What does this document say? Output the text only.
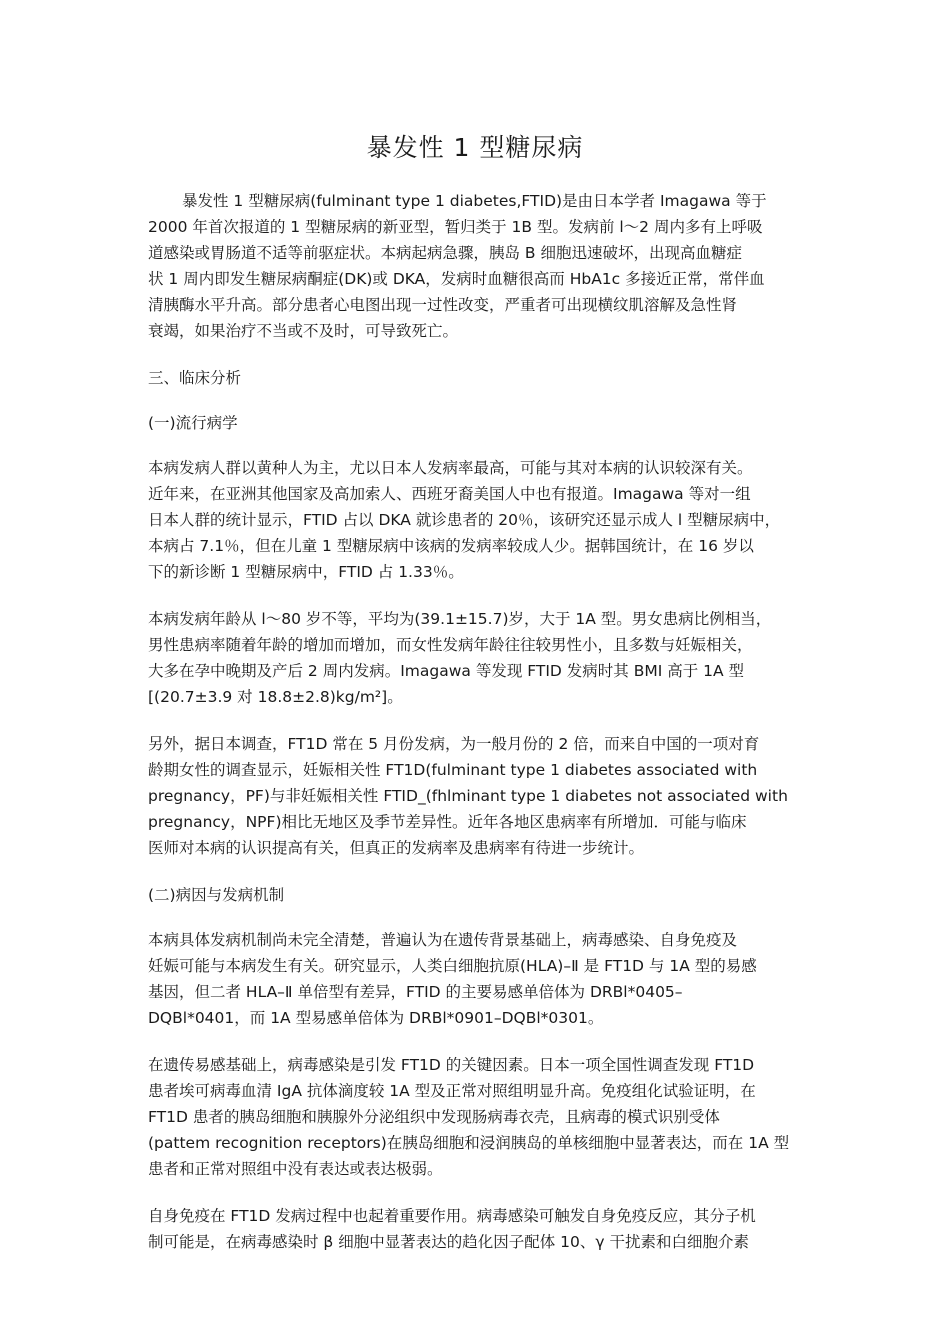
暴发性 1 型糖尿病
暴发性 1 型糖尿病(fulminant type 1 diabetes,FTID)是由日本学者 Imagawa 等于
2000 年首次报道的 1 型糖尿病的新亚型，暂归类于 1B 型。发病前 l～2 周内多有上呼吸
道感染或胃肠道不适等前驱症状。本病起病急骤，胰岛 B 细胞迅速破坏，出现高血糖症
状 1 周内即发生糖尿病酮症(DK)或 DKA，发病时血糖很高而 HbA1c 多接近正常，常伴血
清胰酶水平升高。部分患者心电图出现一过性改变，严重者可出现横纹肌溶解及急性肾
衰竭，如果治疗不当或不及时，可导致死亡。
三、临床分析
(一)流行病学
本病发病人群以黄种人为主，尤以日本人发病率最高，可能与其对本病的认识较深有关。
近年来，在亚洲其他国家及高加索人、西班牙裔美国人中也有报道。Imagawa 等对一组
日本人群的统计显示，FTID 占以 DKA 就诊患者的 20％，该研究还显示成人 l 型糖尿病中，
本病占 7.1％，但在儿童 1 型糖尿病中该病的发病率较成人少。据韩国统计，在 16 岁以
下的新诊断 1 型糖尿病中，FTID 占 1.33％。
本病发病年龄从 l～80 岁不等，平均为(39.1±15.7)岁，大于 1A 型。男女患病比例相当，
男性患病率随着年龄的增加而增加，而女性发病年龄往往较男性小，且多数与妊娠相关，
大多在孕中晚期及产后 2 周内发病。Imagawa 等发现 FTID 发病时其 BMI 高于 1A 型
[(20.7±3.9 对 18.8±2.8)kg/m²]。
另外，据日本调查，FT1D 常在 5 月份发病，为一般月份的 2 倍，而来自中国的一项对育
龄期女性的调查显示，妊娠相关性 FT1D(fulminant type 1 diabetes associated with
pregnancy，PF)与非妊娠相关性 FTID_(fhlminant type 1 diabetes not associated with
pregnancy，NPF)相比无地区及季节差异性。近年各地区患病率有所增加．可能与临床
医师对本病的认识提高有关，但真正的发病率及患病率有待进一步统计。
(二)病因与发病机制
本病具体发病机制尚未完全清楚，普遍认为在遗传背景基础上，病毒感染、自身免疫及
妊娠可能与本病发生有关。研究显示，人类白细胞抗原(HLA)–Ⅱ 是 FT1D 与 1A 型的易感
基因，但二者 HLA–Ⅱ 单倍型有差异，FTID 的主要易感单倍体为 DRBl*0405–
DQBl*0401，而 1A 型易感单倍体为 DRBl*0901–DQBl*0301。
在遗传易感基础上，病毒感染是引发 FT1D 的关键因素。日本一项全国性调查发现 FT1D
患者埃可病毒血清 IgA 抗体滴度较 1A 型及正常对照组明显升高。免疫组化试验证明，在
FT1D 患者的胰岛细胞和胰腺外分泌组织中发现肠病毒衣壳，且病毒的模式识别受体
(pattem recognition receptors)在胰岛细胞和浸润胰岛的单核细胞中显著表达，而在 1A 型
患者和正常对照组中没有表达或表达极弱。
自身免疫在 FT1D 发病过程中也起着重要作用。病毒感染可触发自身免疫反应，其分子机
制可能是，在病毒感染时 β 细胞中显著表达的趋化因子配体 10、γ 干扰素和白细胞介素
